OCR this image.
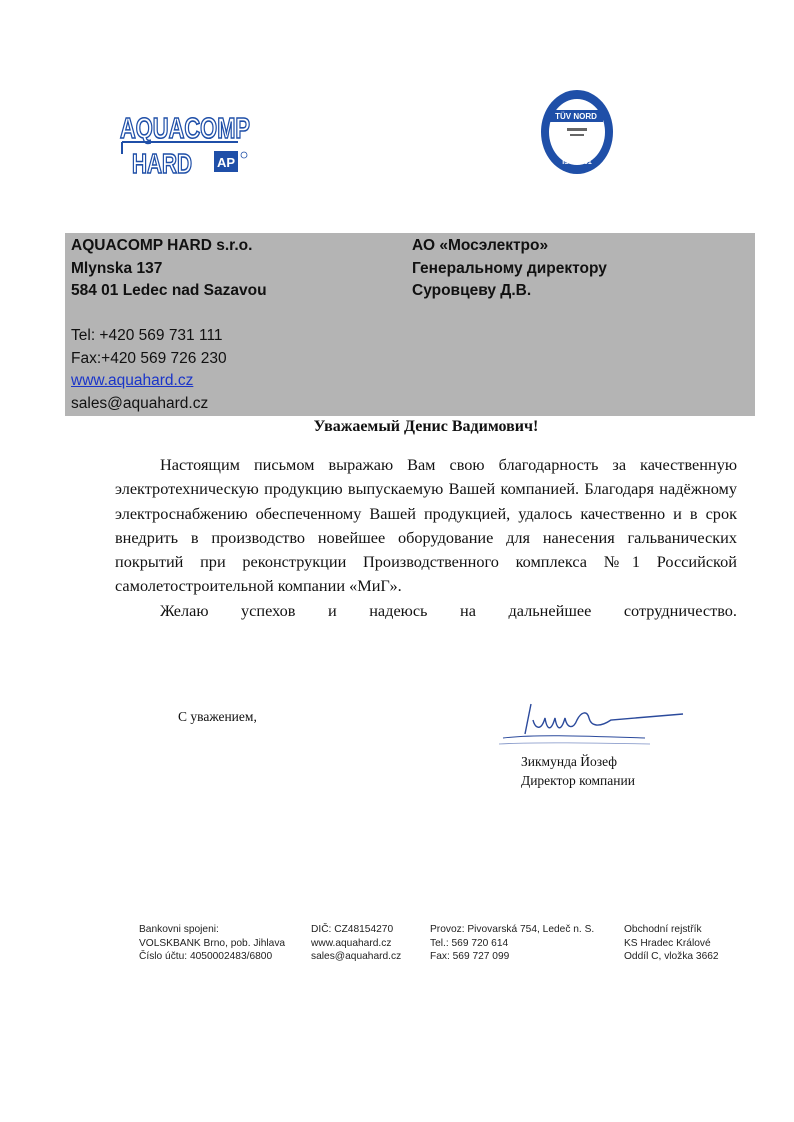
AQUACOMP
HARD AP
TÜV NORD
ISO 9001
AQUACOMP HARD s.r.o.
Mlynska 137
584 01 Ledec nad Sazavou
Tel: +420 569 731 111
Fax:+420 569 726 230
www.aquahard.cz
sales@aquahard.cz
АО «Мосэлектро»
Генеральному директору
Суровцеву Д.В.
Уважаемый Денис Вадимович!

Настоящим письмом выражаю Вам свою благодарность за качественную электротехническую продукцию выпускаемую Вашей компанией. Благодаря надёжному электроснабжению обеспеченному Вашей продукцией, удалось качественно и в срок внедрить в производство новейшее оборудование для нанесения гальванических покрытий при реконструкции Производственного комплекса №1 Российской самолетостроительной компании «МиГ».

Желаю успехов и надеюсь на дальнейшее сотрудничество.

С уважением,
Зикмунда Йозеф
Директор компании
Bankovni spojeni:
VOLSKBANK Brno, pob. Jihlava
Číslo účtu: 4050002483/6800
DIČ: CZ48154270
www.aquahard.cz
sales@aquahard.cz
Provoz: Pivovarská 754, Ledeč n. S.
Tel.: 569 720 614
Fax: 569 727 099
Obchodní rejstřík
KS Hradec Králové
Oddíl C, vložka 3662
